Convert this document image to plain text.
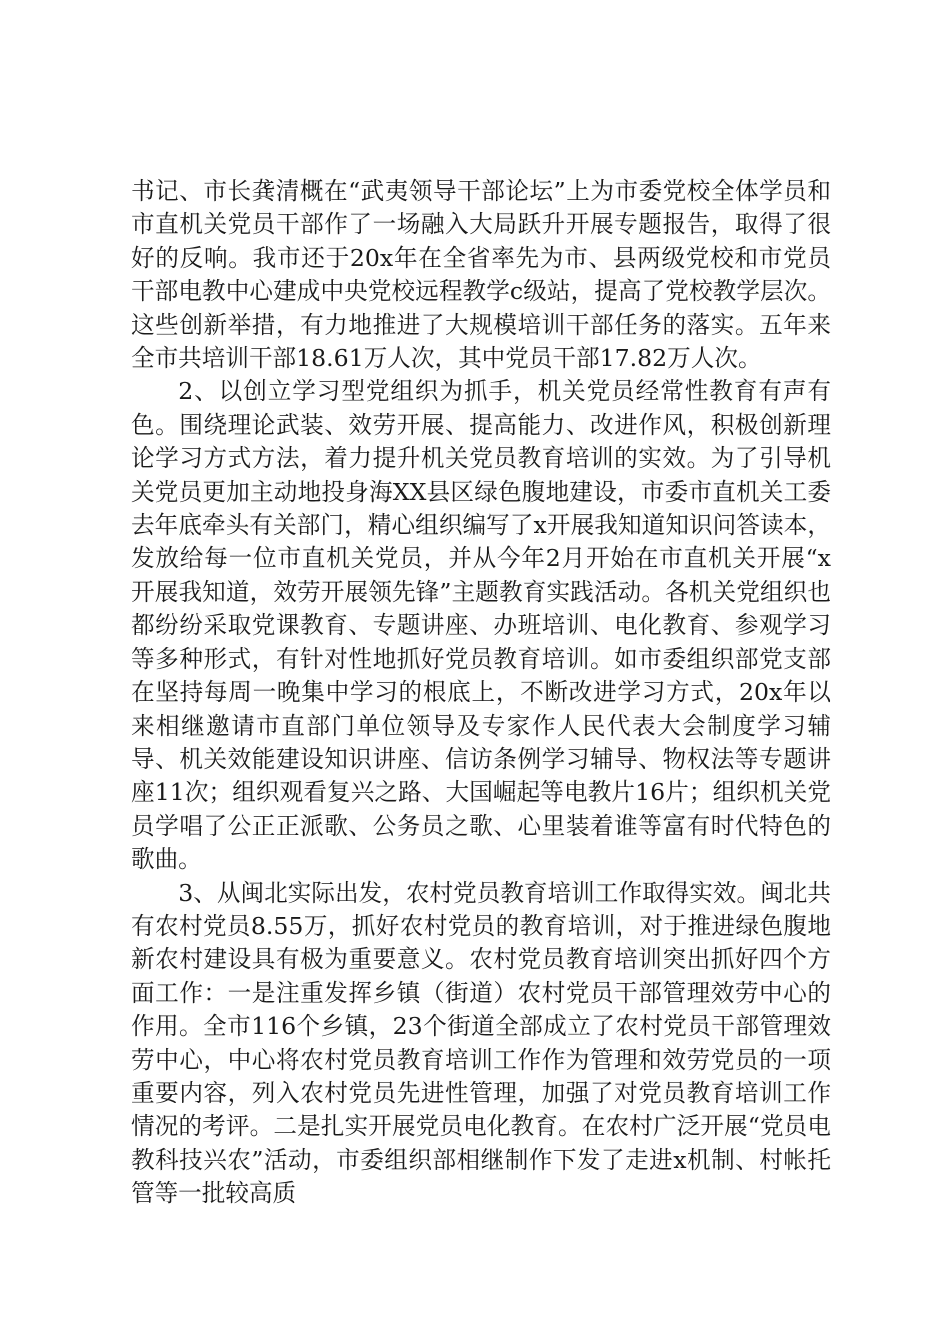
书记、市长龚清概在“武夷领导干部论坛”上为市委党校全体学员和市直机关党员干部作了一场融入大局跃升开展专题报告，取得了很好的反响。我市还于20x年在全省率先为市、县两级党校和市党员干部电教中心建成中央党校远程教学c级站，提高了党校教学层次。这些创新举措，有力地推进了大规模培训干部任务的落实。五年来全市共培训干部18.61万人次，其中党员干部17.82万人次。

2、以创立学习型党组织为抓手，机关党员经常性教育有声有色。围绕理论武装、效劳开展、提高能力、改进作风，积极创新理论学习方式方法，着力提升机关党员教育培训的实效。为了引导机关党员更加主动地投身海XX县区绿色腹地建设，市委市直机关工委去年底牵头有关部门，精心组织编写了x开展我知道知识问答读本，发放给每一位市直机关党员，并从今年2月开始在市直机关开展“x开展我知道，效劳开展领先锋”主题教育实践活动。各机关党组织也都纷纷采取党课教育、专题讲座、办班培训、电化教育、参观学习等多种形式，有针对性地抓好党员教育培训。如市委组织部党支部在坚持每周一晚集中学习的根底上，不断改进学习方式，20x年以来相继邀请市直部门单位领导及专家作人民代表大会制度学习辅导、机关效能建设知识讲座、信访条例学习辅导、物权法等专题讲座11次；组织观看复兴之路、大国崛起等电教片16片；组织机关党员学唱了公正正派歌、公务员之歌、心里装着谁等富有时代特色的歌曲。

3、从闽北实际出发，农村党员教育培训工作取得实效。闽北共有农村党员8.55万，抓好农村党员的教育培训，对于推进绿色腹地新农村建设具有极为重要意义。农村党员教育培训突出抓好四个方面工作：一是注重发挥乡镇（街道）农村党员干部管理效劳中心的作用。全市116个乡镇，23个街道全部成立了农村党员干部管理效劳中心，中心将农村党员教育培训工作作为管理和效劳党员的一项重要内容，列入农村党员先进性管理，加强了对党员教育培训工作情况的考评。二是扎实开展党员电化教育。在农村广泛开展“党员电教科技兴农”活动，市委组织部相继制作下发了走进x机制、村帐托管等一批较高质
